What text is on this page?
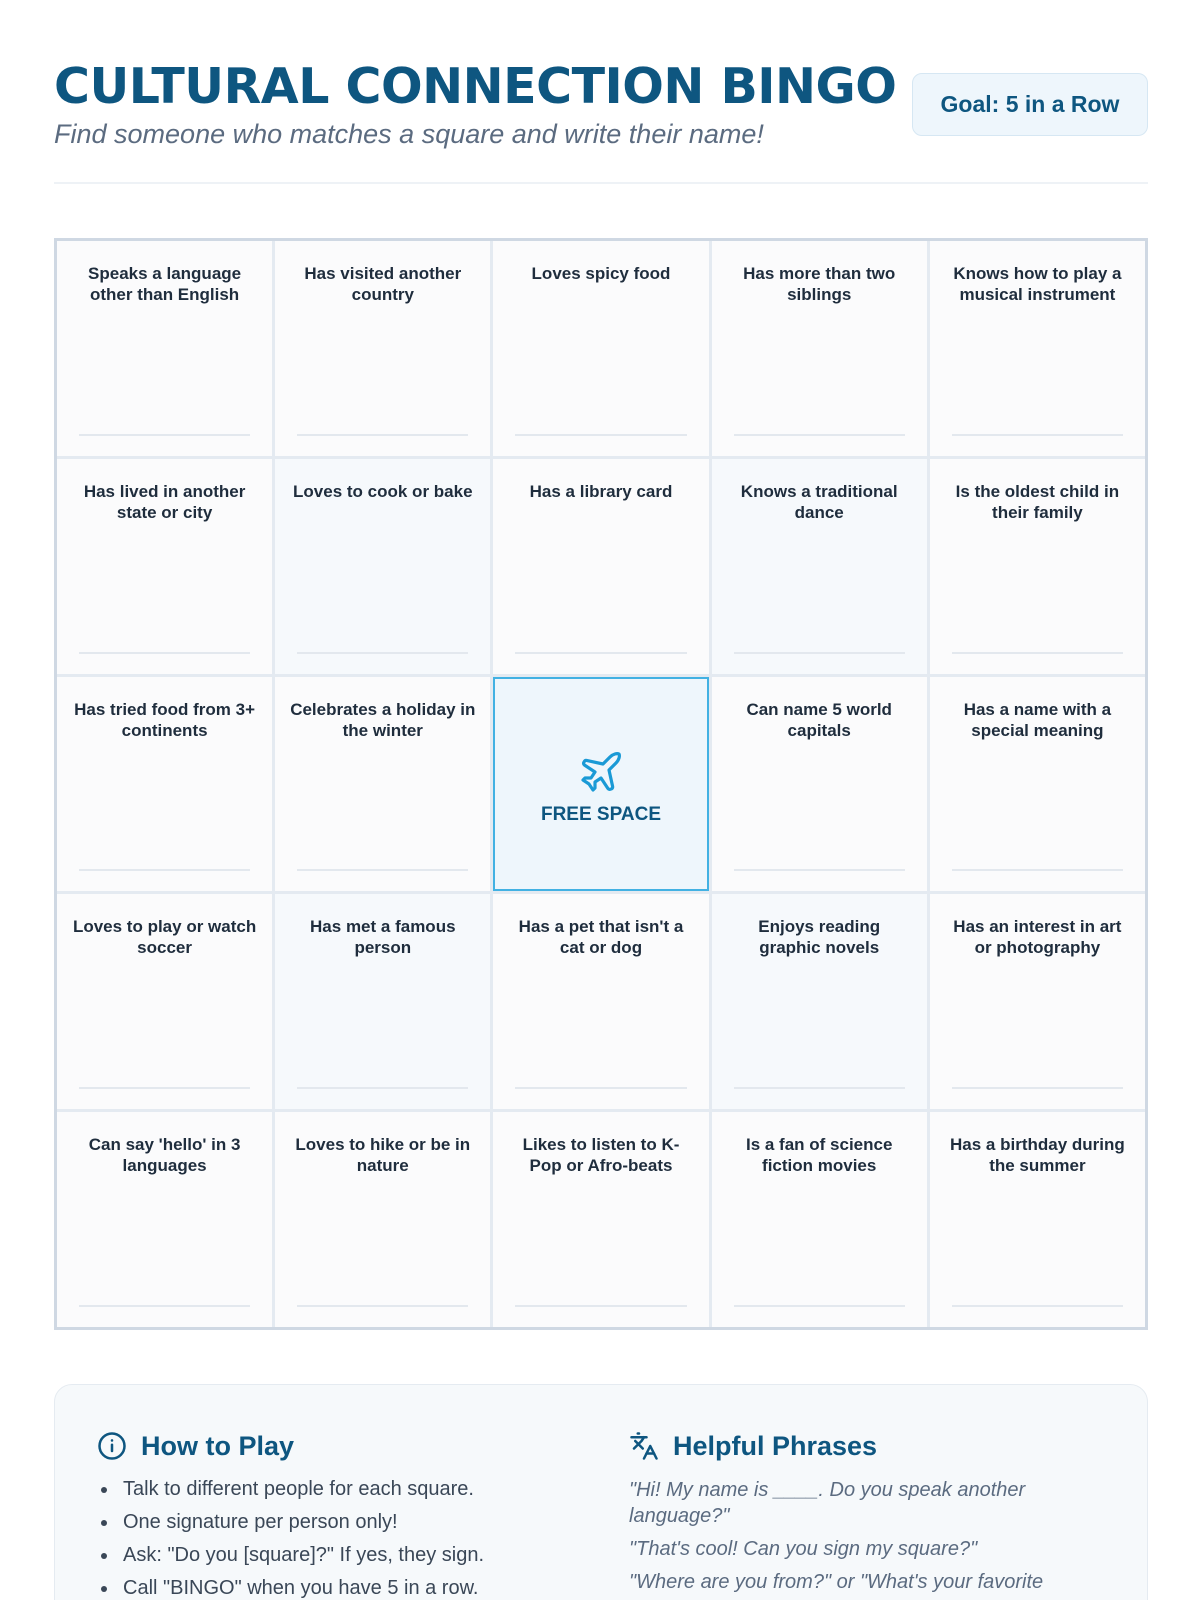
CULTURAL CONNECTION BINGO

Find someone who matches a square and write their name!

Goal: 5 in a Row
Speaks a language other than English
Has visited another country
Loves spicy food	Has more than two siblings
Knows how to play a musical instrument
Has lived in another state or city
Loves to cook or bake	Has a library card	Knows a traditional dance
Is the oldest child in their family
Has tried food from 3+ continents
Celebrates a holiday in the winter
FREE SPACE
Can name 5 world capitals
Has a name with a special meaning
Loves to play or watch soccer
Has met a famous person
Has a pet that isn't a cat or dog
Enjoys reading graphic novels
Has an interest in art or photography
Can say 'hello' in 3 languages
Loves to hike or be in nature
Likes to listen to K-Pop or Afro-beats
Is a fan of science fiction movies
Has a birthday during the summer
How to Play
Talk to different people for each square.
One signature per person only!
Ask: "Do you [square]?" If yes, they sign.
Call "BINGO" when you have 5 in a row.
Helpful Phrases

"Hi! My name is ____. Do you speak another language?"

"That's cool! Can you sign my square?"

"Where are you from?" or "What's your favorite
